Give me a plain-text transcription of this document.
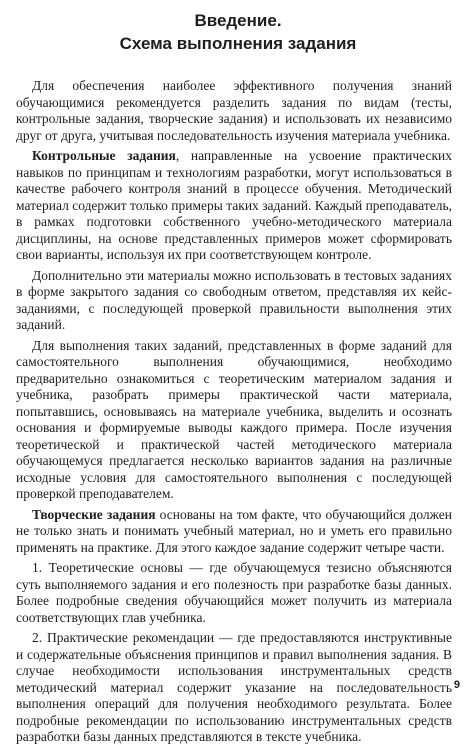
Введение.
Схема выполнения задания

Для обеспечения наиболее эффективного получения знаний обучающимися рекомендуется разделить задания по видам (тесты, контрольные задания, творческие задания) и использовать их независимо друг от друга, учитывая последовательность изучения материала учебника.

Контрольные задания, направленные на усвоение практических навыков по принципам и технологиям разработки, могут использоваться в качестве рабочего контроля знаний в процессе обучения. Методический материал содержит только примеры таких заданий. Каждый преподаватель, в рамках подготовки собственного учебно-методического материала дисциплины, на основе представленных примеров может сформировать свои варианты, используя их при соответствующем контроле.

Дополнительно эти материалы можно использовать в тестовых заданиях в форме закрытого задания со свободным ответом, представляя их кейс-заданиями, с последующей проверкой правильности выполнения этих заданий.

Для выполнения таких заданий, представленных в форме заданий для самостоятельного выполнения обучающимися, необходимо предварительно ознакомиться с теоретическим материалом задания и учебника, разобрать примеры практической части материала, попытавшись, основываясь на материале учебника, выделить и осознать основания и формируемые выводы каждого примера. После изучения теоретической и практической частей методического материала обучающемуся предлагается несколько вариантов задания на различные исходные условия для самостоятельного выполнения с последующей проверкой преподавателем.

Творческие задания основаны на том факте, что обучающийся должен не только знать и понимать учебный материал, но и уметь его правильно применять на практике. Для этого каждое задание содержит четыре части.

1. Теоретические основы — где обучающемуся тезисно объясняются суть выполняемого задания и его полезность при разработке базы данных. Более подробные сведения обучающийся может получить из материала соответствующих глав учебника.

2. Практические рекомендации — где предоставляются инструктивные и содержательные объяснения принципов и правил выполнения задания. В случае необходимости использования инструментальных средств методический материал содержит указание на последовательность выполнения операций для получения необходимого результата. Более подробные рекомендации по использованию инструментальных средств разработки базы данных представляются в тексте учебника.

9
